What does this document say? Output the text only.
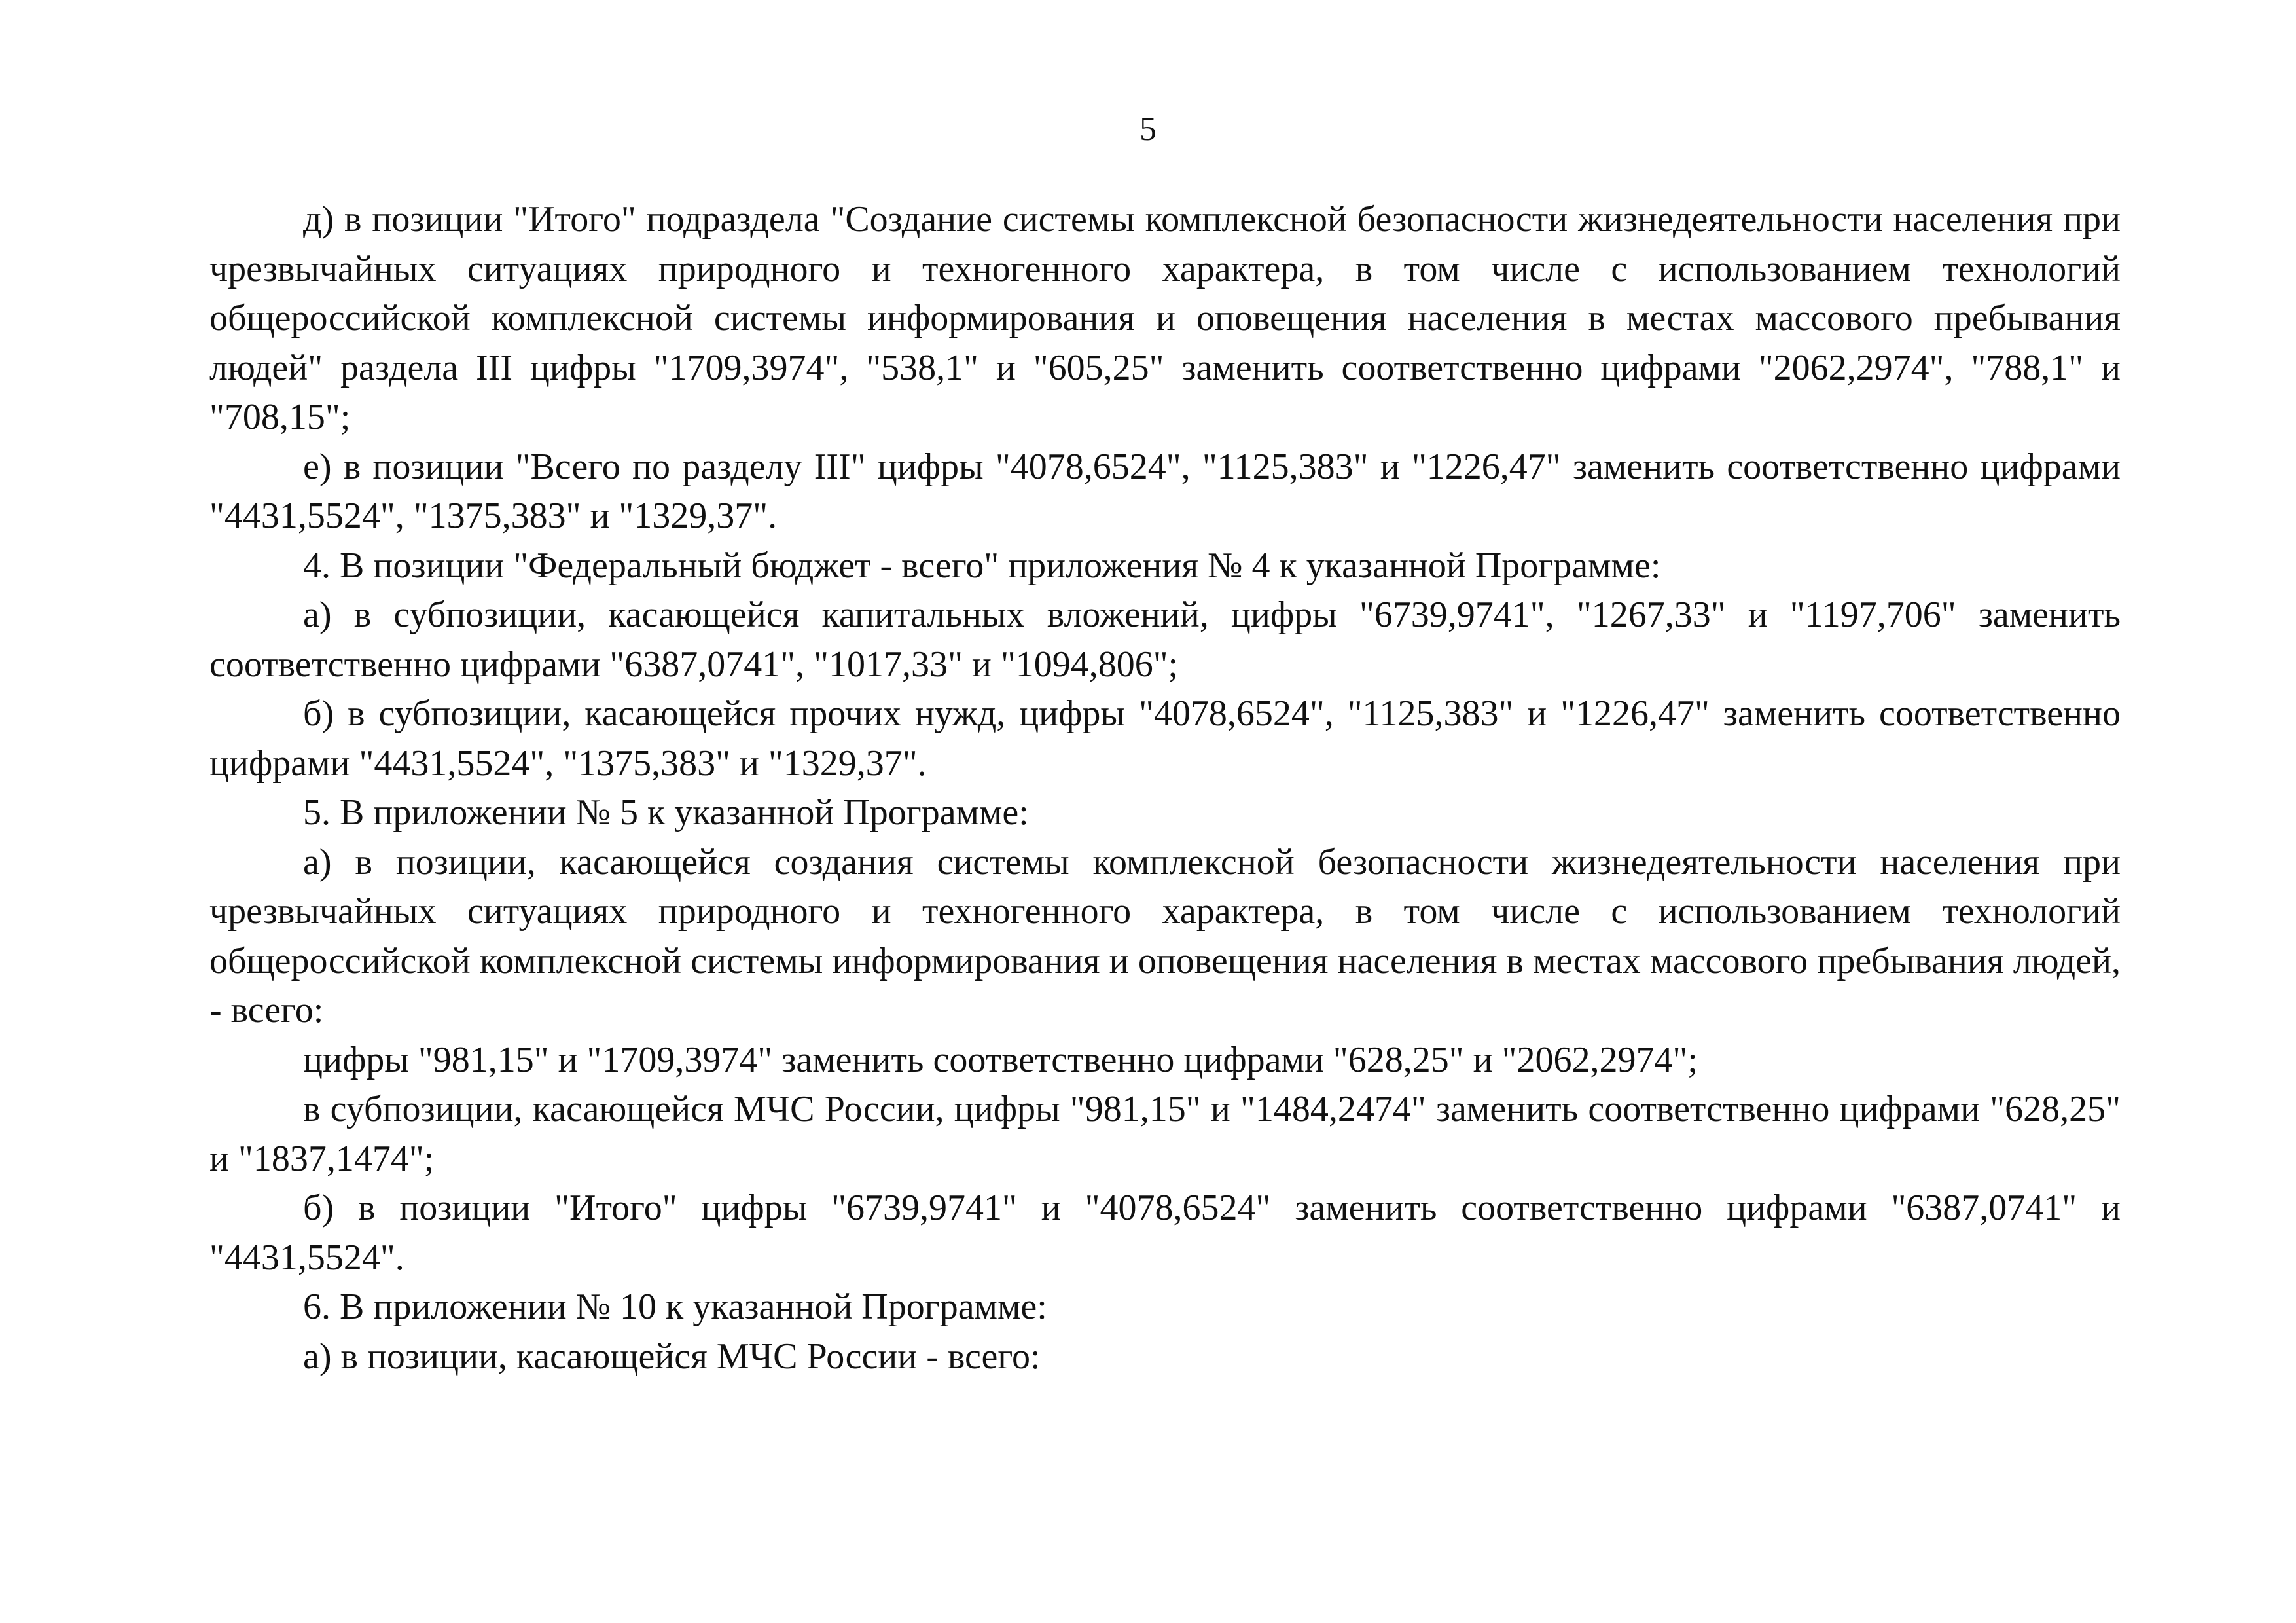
5

д) в позиции "Итого" подраздела "Создание системы комплексной безопасности жизнедеятельности населения при чрезвычайных ситуациях природного и техногенного характера, в том числе с использованием технологий общероссийской комплексной системы информирования и оповещения населения в местах массового пребывания людей" раздела III цифры "1709,3974", "538,1" и "605,25" заменить соответственно цифрами "2062,2974", "788,1" и "708,15";

е) в позиции "Всего по разделу III" цифры "4078,6524", "1125,383" и "1226,47" заменить соответственно цифрами "4431,5524", "1375,383" и "1329,37".

4. В позиции "Федеральный бюджет - всего" приложения № 4 к указанной Программе:

а) в субпозиции, касающейся капитальных вложений, цифры "6739,9741", "1267,33" и "1197,706" заменить соответственно цифрами "6387,0741", "1017,33" и "1094,806";

б) в субпозиции, касающейся прочих нужд, цифры "4078,6524", "1125,383" и "1226,47" заменить соответственно цифрами "4431,5524", "1375,383" и "1329,37".

5. В приложении № 5 к указанной Программе:

а) в позиции, касающейся создания системы комплексной безопасности жизнедеятельности населения при чрезвычайных ситуациях природного и техногенного характера, в том числе с использованием технологий общероссийской комплексной системы информирования и оповещения населения в местах массового пребывания людей, - всего:

цифры "981,15" и "1709,3974" заменить соответственно цифрами "628,25" и "2062,2974";

в субпозиции, касающейся МЧС России, цифры "981,15" и "1484,2474" заменить соответственно цифрами "628,25" и "1837,1474";

б) в позиции "Итого" цифры "6739,9741" и "4078,6524" заменить соответственно цифрами "6387,0741" и "4431,5524".

6. В приложении № 10 к указанной Программе:

а) в позиции, касающейся МЧС России - всего:
